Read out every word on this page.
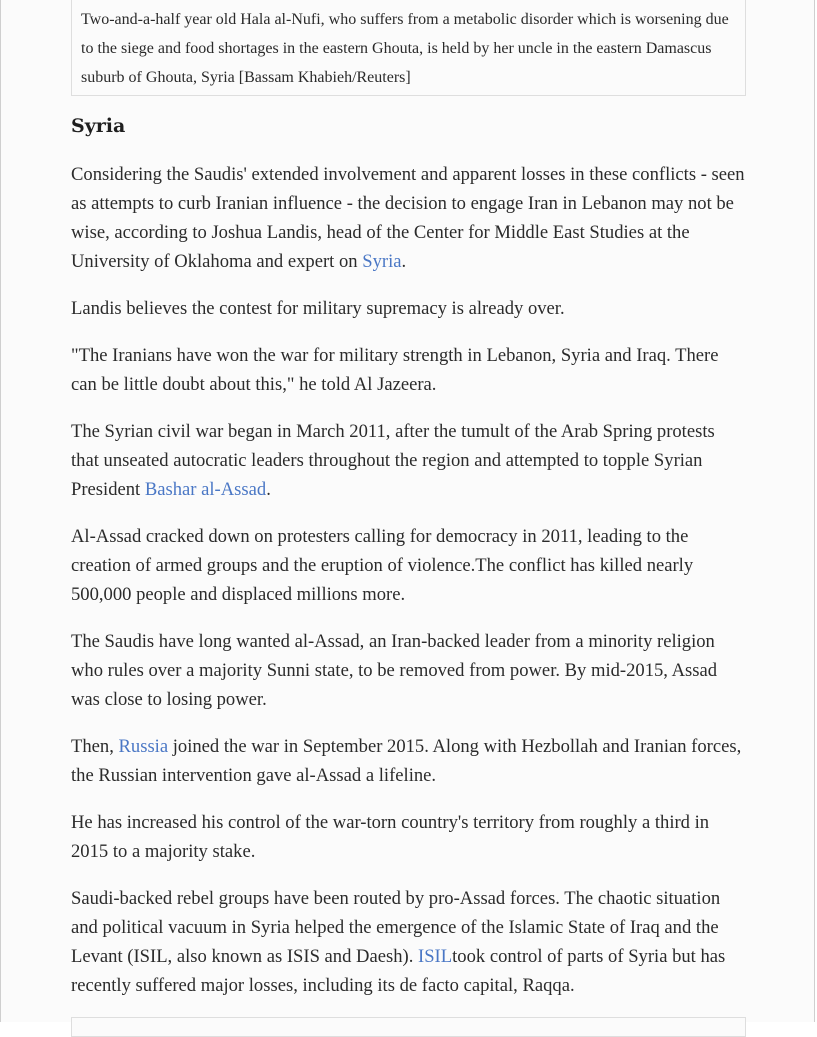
Two-and-a-half year old Hala al-Nufi, who suffers from a metabolic disorder which is worsening due to the siege and food shortages in the eastern Ghouta, is held by her uncle in the eastern Damascus suburb of Ghouta, Syria [Bassam Khabieh/Reuters]
Syria

Considering the Saudis' extended involvement and apparent losses in these conflicts - seen as attempts to curb Iranian influence - the decision to engage Iran in Lebanon may not be wise, according to Joshua Landis, head of the Center for Middle East Studies at the University of Oklahoma and expert on Syria.

Landis believes the contest for military supremacy is already over.

"The Iranians have won the war for military strength in Lebanon, Syria and Iraq. There can be little doubt about this," he told Al Jazeera.

The Syrian civil war began in March 2011, after the tumult of the Arab Spring protests that unseated autocratic leaders throughout the region and attempted to topple Syrian President Bashar al-Assad.

Al-Assad cracked down on protesters calling for democracy in 2011, leading to the creation of armed groups and the eruption of violence.The conflict has killed nearly 500,000 people and displaced millions more.

The Saudis have long wanted al-Assad, an Iran-backed leader from a minority religion who rules over a majority Sunni state, to be removed from power. By mid-2015, Assad was close to losing power.

Then, Russia joined the war in September 2015. Along with Hezbollah and Iranian forces, the Russian intervention gave al-Assad a lifeline.

He has increased his control of the war-torn country's territory from roughly a third in 2015 to a majority stake.

Saudi-backed rebel groups have been routed by pro-Assad forces. The chaotic situation and political vacuum in Syria helped the emergence of the Islamic State of Iraq and the Levant (ISIL, also known as ISIS and Daesh). ISILtook control of parts of Syria but has recently suffered major losses, including its de facto capital, Raqqa.
